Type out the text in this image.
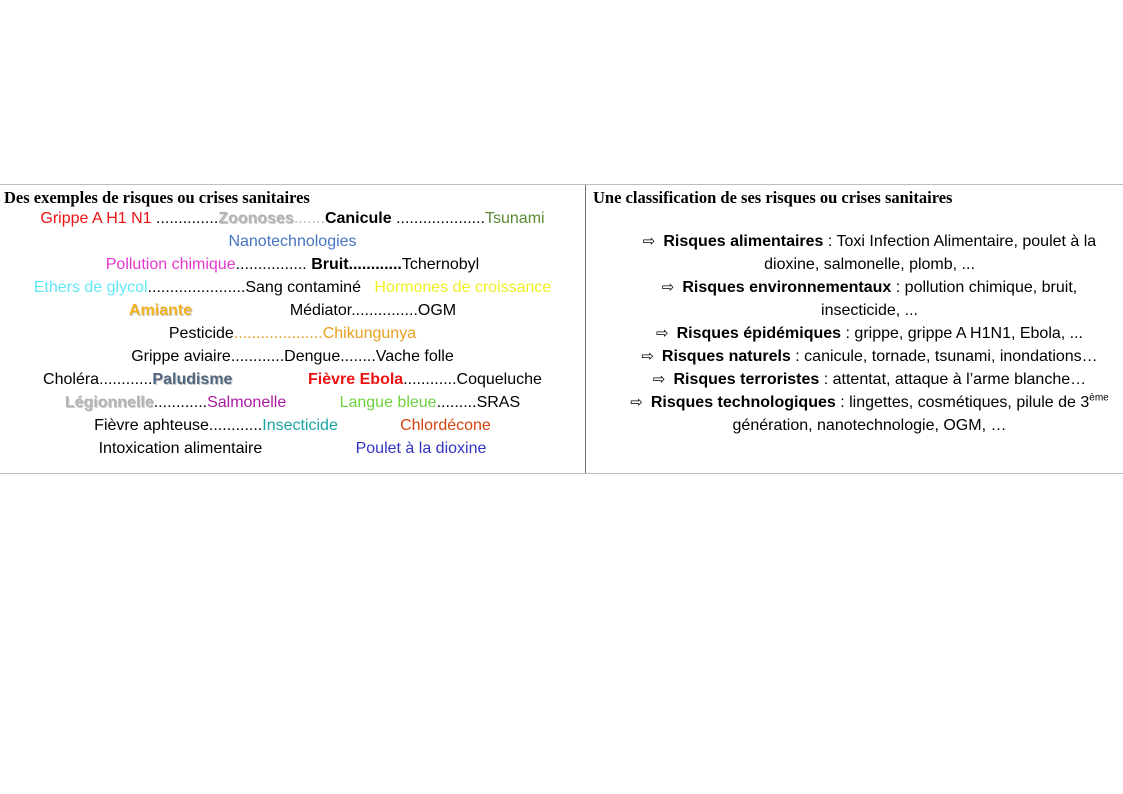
Des exemples de risques ou crises sanitaires
Grippe A H1 N1 ..............Zoonoses.......Canicule ....................Tsunami
Nanotechnologies
Pollution chimique................ Bruit............Tchernobyl
Ethers de glycol......................Sang contaminé Hormones de croissance
Amiante	Médiator...............OGM
Pesticide....................Chikungunya
Grippe aviaire............Dengue........Vache folle
Choléra............Paludisme	Fièvre Ebola............Coqueluche
Légionnelle............Salmonelle	Langue bleue.........SRAS
Fièvre aphteuse............Insecticide	Chlordécone
Intoxication alimentaire	Poulet à la dioxine
Une classification de ses risques ou crises sanitaires
⇨ Risques alimentaires : Toxi Infection Alimentaire, poulet à la dioxine, salmonelle, plomb, ...
⇨ Risques environnementaux : pollution chimique, bruit, insecticide, ...
⇨ Risques épidémiques : grippe, grippe A H1N1, Ebola, ...
⇨ Risques naturels : canicule, tornade, tsunami, inondations…
⇨ Risques terroristes : attentat, attaque à l’arme blanche…
⇨ Risques technologiques : lingettes, cosmétiques, pilule de 3ème génération, nanotechnologie, OGM, …
